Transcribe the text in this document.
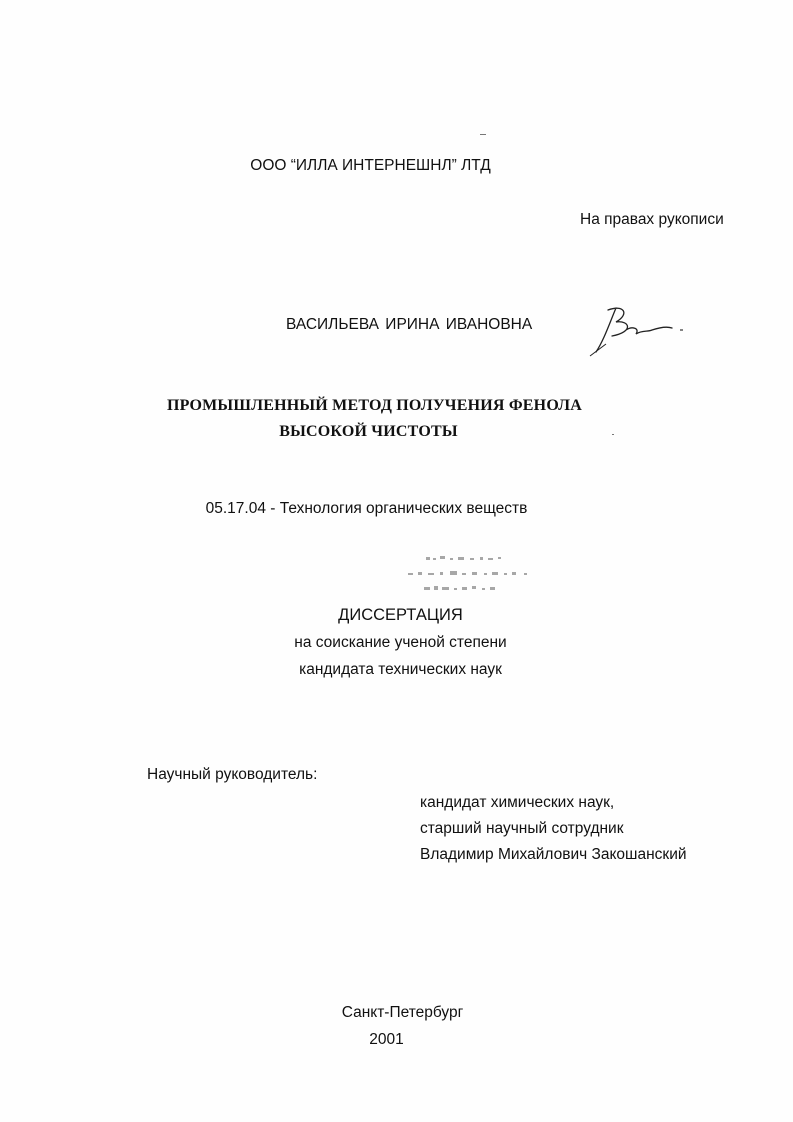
ООО “ИЛЛА ИНТЕРНЕШНЛ” ЛТД
На правах рукописи
ВАСИЛЬЕВА ИРИНА ИВАНОВНА
ПРОМЫШЛЕННЫЙ МЕТОД ПОЛУЧЕНИЯ ФЕНОЛА
ВЫСОКОЙ ЧИСТОТЫ
05.17.04 - Технология органических веществ
ДИССЕРТАЦИЯ
на соискание ученой степени
кандидата технических наук
Научный руководитель:
кандидат химических наук,
старший научный сотрудник
Владимир Михайлович Закошанский
Санкт-Петербург
2001
